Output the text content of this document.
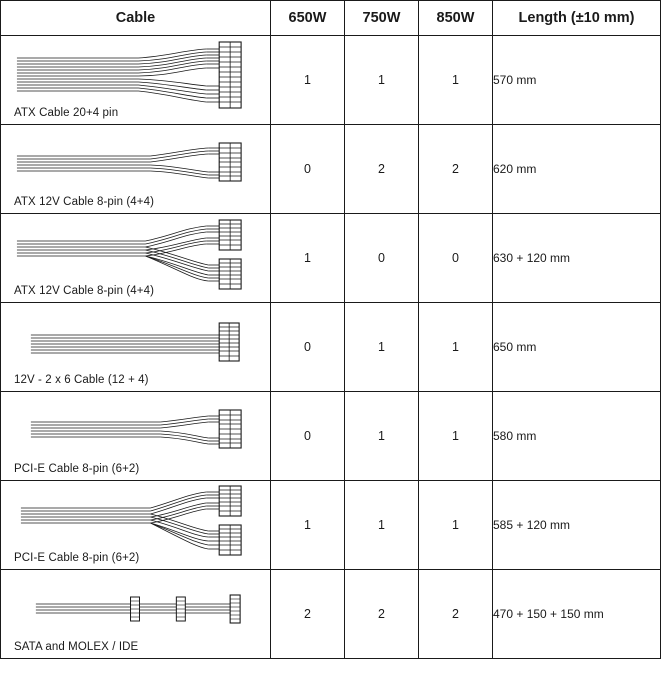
Cable	650W	750W	850W	Length (±10 mm)

ATX Cable 20+4 pin	1	1	1	570 mm

ATX 12V Cable 8-pin (4+4)	0	2	2	620 mm

ATX 12V Cable 8-pin (4+4)	1	0	0	630 + 120 mm

12V - 2 x 6 Cable (12 + 4)	0	1	1	650 mm

PCI-E Cable 8-pin (6+2)	0	1	1	580 mm

PCI-E Cable 8-pin (6+2)	1	1	1	585 + 120 mm

SATA and MOLEX / IDE	2	2	2	470 + 150 + 150 mm
